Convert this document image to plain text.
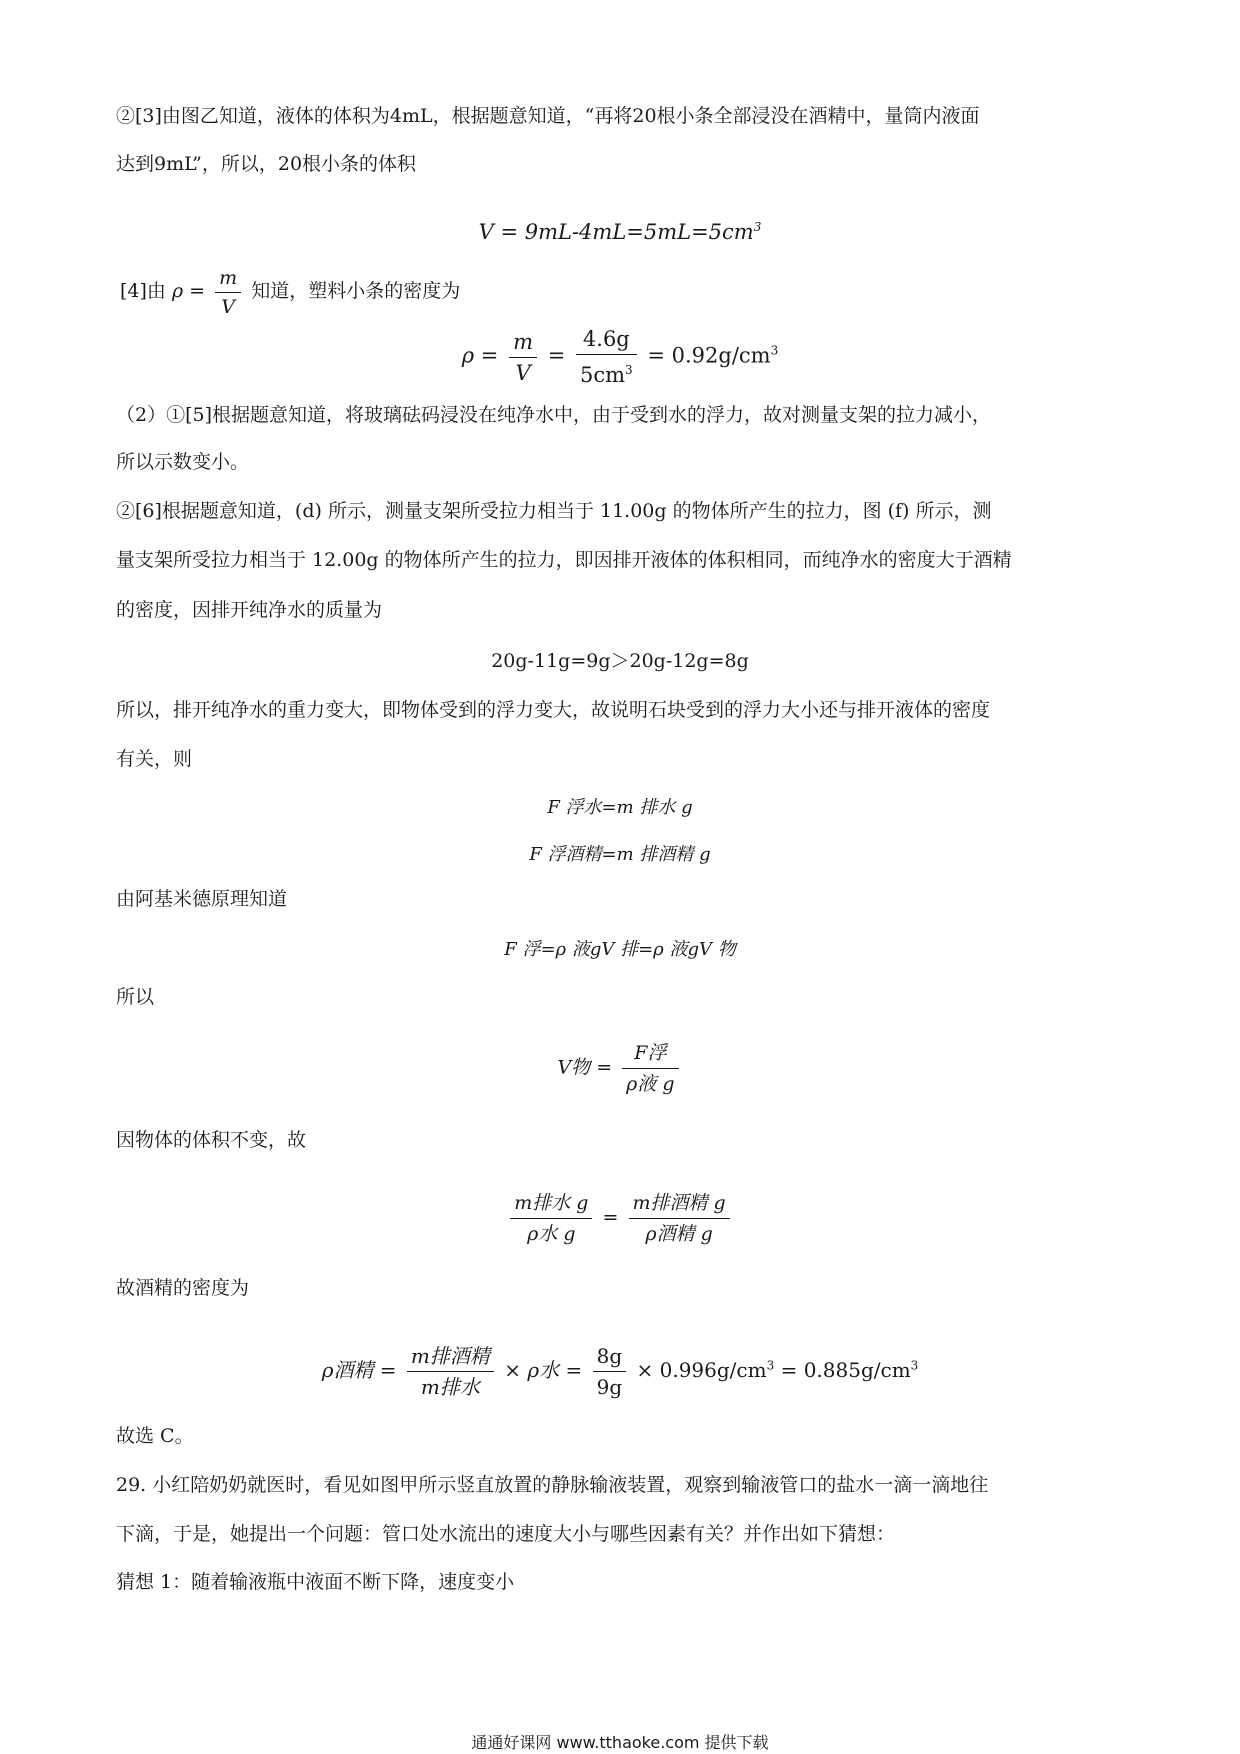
②[3]由图乙知道，液体的体积为4mL，根据题意知道，“再将20根小条全部浸没在酒精中，量筒内液面
达到9mL”，所以，20根小条的体积
$V = 9mL-4mL=5mL=5cm^3$
[4]由 $\rho = \frac{m}{V}$ 知道，塑料小条的密度为
$\rho = \frac{m}{V} = \frac{4.6g}{5cm^3} = 0.92g/cm^3$
（2）①[5]根据题意知道，将玻璃砝码浸没在纯净水中，由于受到水的浮力，故对测量支架的拉力减小，
所以示数变小。
②[6]根据题意知道，(d) 所示，测量支架所受拉力相当于 11.00g 的物体所产生的拉力，图 (f) 所示，测
量支架所受拉力相当于 12.00g 的物体所产生的拉力，即因排开液体的体积相同，而纯净水的密度大于酒精
的密度，因排开纯净水的质量为
20g-11g=9g＞20g-12g=8g
所以，排开纯净水的重力变大，即物体受到的浮力变大，故说明石块受到的浮力大小还与排开液体的密度
有关，则
F 浮水=m 排水 g
F 浮酒精=m 排酒精 g
由阿基米德原理知道
F 浮=ρ 液gV 排=ρ 液gV 物
所以
V物 = $\frac{\text{F浮}}{\text{ρ液 g}}$
因物体的体积不变，故
$\frac{\text{m排水 g}}{\text{ρ水 g}} = \frac{\text{m排酒精 g}}{\text{ρ酒精 g}}$
故酒精的密度为
ρ酒精 = $\frac{\text{m排酒精}}{\text{m排水}} \times \rho$水 = $\frac{8g}{9g} \times 0.996g/cm^3 = 0.885g/cm^3$
故选 C。
29. 小红陪奶奶就医时，看见如图甲所示竖直放置的静脉输液装置，观察到输液管口的盐水一滴一滴地往
下滴，于是，她提出一个问题：管口处水流出的速度大小与哪些因素有关？并作出如下猜想：
猜想 1：随着输液瓶中液面不断下降，速度变小
通通好课网 www.tthaoke.com 提供下载
